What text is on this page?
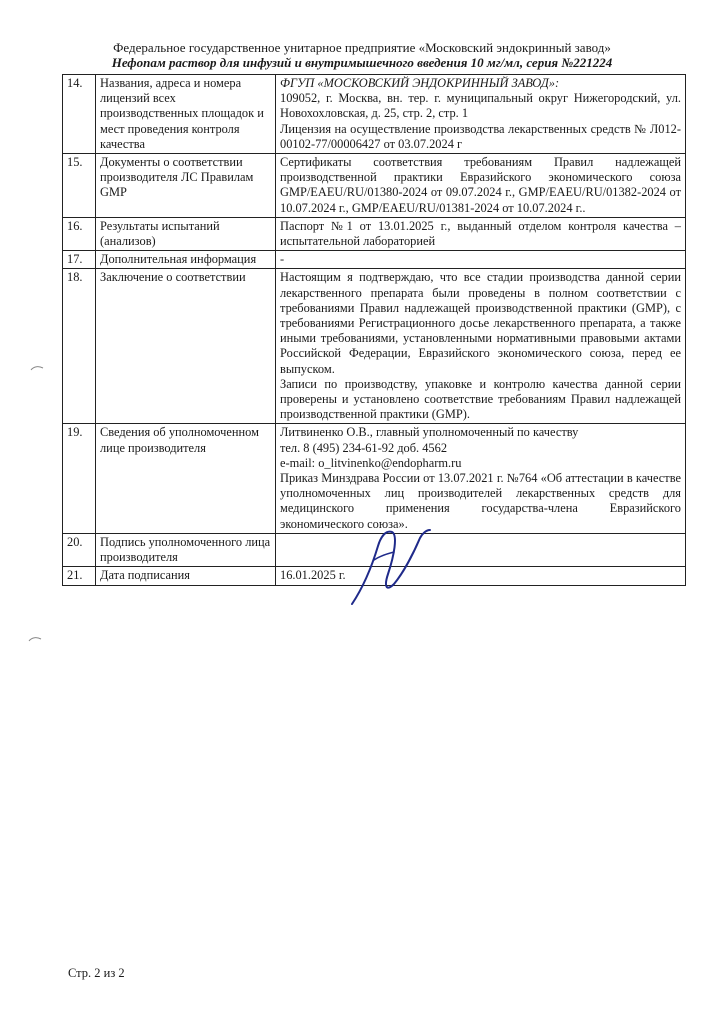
Федеральное государственное унитарное предприятие «Московский эндокринный завод»
Нефопам раствор для инфузий и внутримышечного введения 10 мг/мл, серия №221224
14.	Названия, адреса и номера лицензий всех производственных площадок и мест проведения контроля качества	ФГУП «МОСКОВСКИЙ ЭНДОКРИННЫЙ ЗАВОД»:
109052, г. Москва, вн. тер. г. муниципальный округ Нижегородский, ул. Новохохловская, д. 25, стр. 2, стр. 1
Лицензия на осуществление производства лекарственных средств № Л012-00102-77/00006427 от 03.07.2024 г

15.	Документы о соответствии производителя ЛС Правилам GMP	Сертификаты соответствия требованиям Правил надлежащей производственной практики Евразийского экономического союза GMP/EAEU/RU/01380-2024 от 09.07.2024 г., GMP/EAEU/RU/01382-2024 от 10.07.2024 г., GMP/EAEU/RU/01381-2024 от 10.07.2024 г..
16.	Результаты испытаний (анализов)	Паспорт №1 от 13.01.2025 г., выданный отделом контроля качества – испытательной лабораторией
17.	Дополнительная информация	-
18.	Заключение о соответствии	Настоящим я подтверждаю, что все стадии производства данной серии лекарственного препарата были проведены в полном соответствии с требованиями Правил надлежащей производственной практики (GMP), с требованиями Регистрационного досье лекарственного препарата, а также иными требованиями, установленными нормативными правовыми актами Российской Федерации, Евразийского экономического союза, перед ее выпуском.
Записи по производству, упаковке и контролю качества данной серии проверены и установлено соответствие требованиям Правил надлежащей производственной практики (GMP).

19.	Сведения об уполномоченном лице производителя	Литвиненко О.В., главный уполномоченный по качеству
тел. 8 (495) 234-61-92 доб. 4562
e-mail: o_litvinenko@endopharm.ru
Приказ Минздрава России от 13.07.2021 г. №764 «Об аттестации в качестве уполномоченных лиц производителей лекарственных средств для медицинского применения государства-члена Евразийского экономического союза».

20.	Подпись уполномоченного лица производителя	

21.	Дата подписания	16.01.2025 г.
Стр. 2 из 2
